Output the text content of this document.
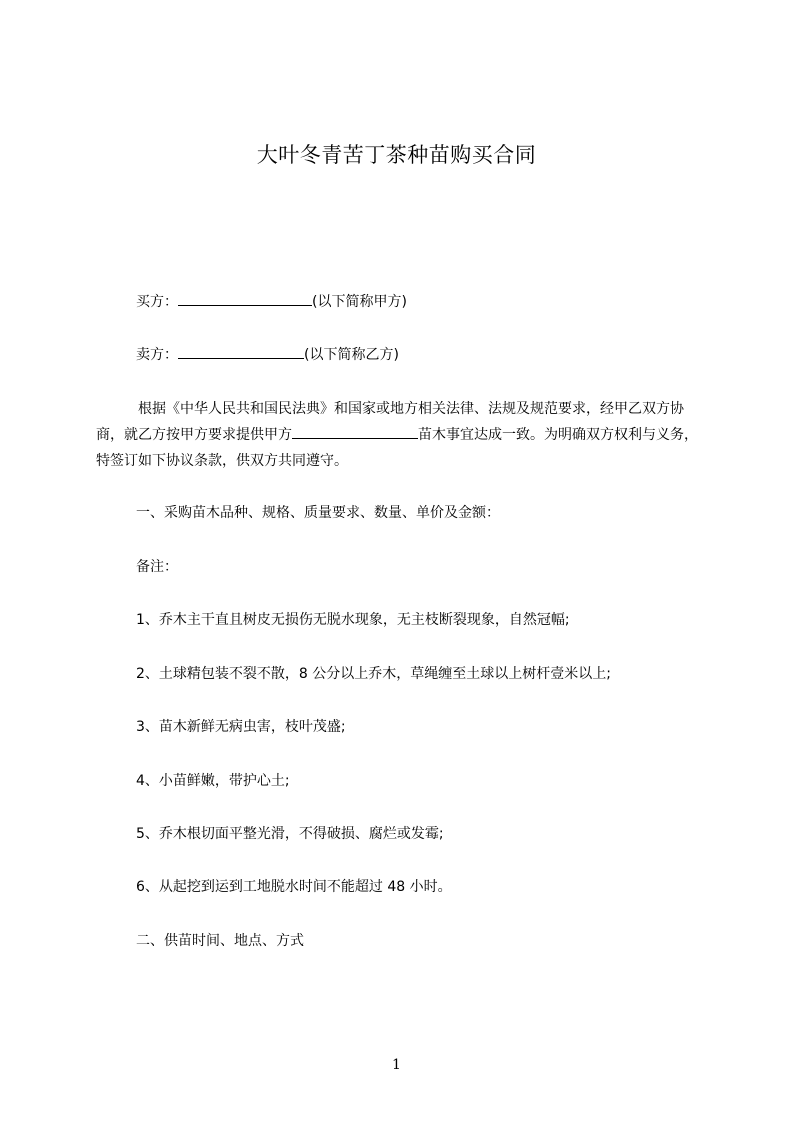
大叶冬青苦丁茶种苗购买合同

买方：	(以下简称甲方)

卖方：	(以下简称乙方)

根据《中华人民共和国民法典》和国家或地方相关法律、法规及规范要求，经甲乙双方协商，就乙方按甲方要求提供甲方	苗木事宜达成一致。为明确双方权利与义务，特签订如下协议条款，供双方共同遵守。

一、采购苗木品种、规格、质量要求、数量、单价及金额：

备注：

1、乔木主干直且树皮无损伤无脱水现象，无主枝断裂现象，自然冠幅;

2、土球精包装不裂不散，8 公分以上乔木，草绳缠至土球以上树杆壹米以上;

3、苗木新鲜无病虫害，枝叶茂盛;

4、小苗鲜嫩，带护心土;

5、乔木根切面平整光滑，不得破损、腐烂或发霉;

6、从起挖到运到工地脱水时间不能超过 48 小时。

二、供苗时间、地点、方式

1
